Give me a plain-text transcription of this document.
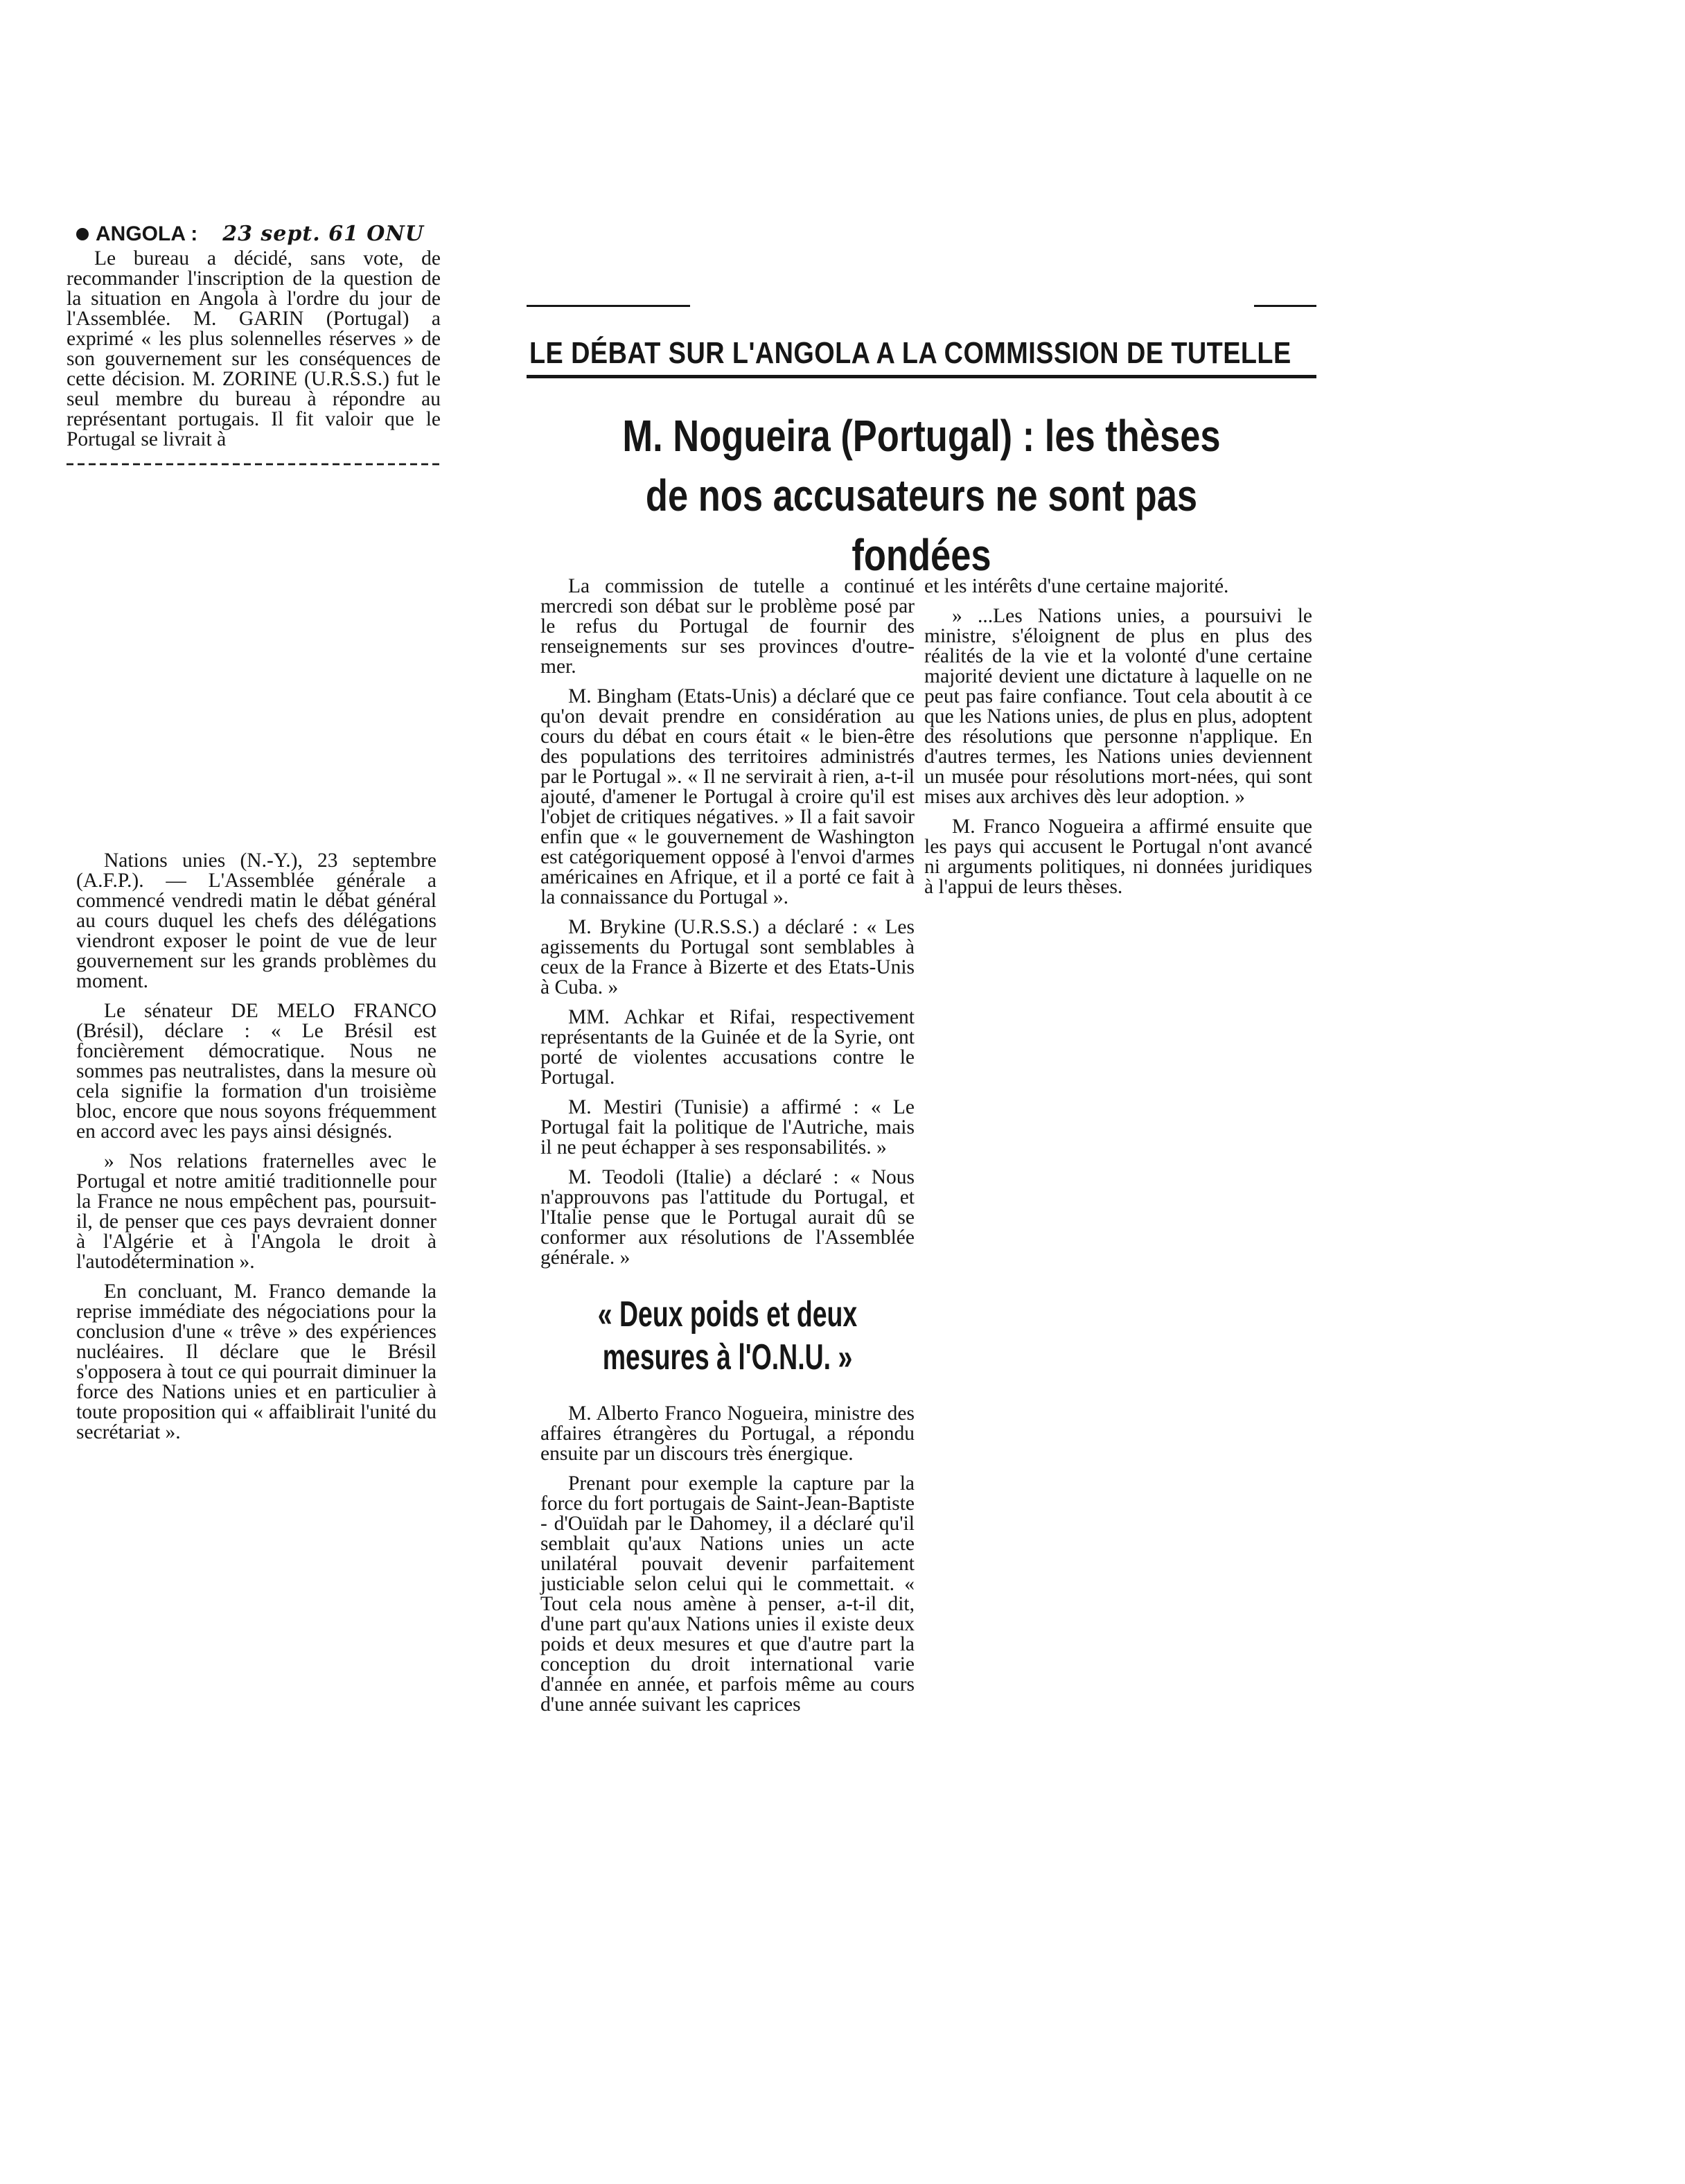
ANGOLA : 23 sept. 61 ONU

Le bureau a décidé, sans vote, de recommander l'inscription de la question de la situation en Angola à l'ordre du jour de l'Assemblée. M. GARIN (Portugal) a exprimé « les plus solennelles réserves » de son gouvernement sur les conséquences de cette décision. M. ZORINE (U.R.S.S.) fut le seul membre du bureau à répondre au représentant portugais. Il fit valoir que le Portugal se livrait à

Nations unies (N.-Y.), 23 septembre (A.F.P.). — L'Assemblée générale a commencé vendredi matin le débat général au cours duquel les chefs des délégations viendront exposer le point de vue de leur gouvernement sur les grands problèmes du moment.

Le sénateur DE MELO FRANCO (Brésil), déclare : « Le Brésil est foncièrement démocratique. Nous ne sommes pas neutralistes, dans la mesure où cela signifie la formation d'un troisième bloc, encore que nous soyons fréquemment en accord avec les pays ainsi désignés.

» Nos relations fraternelles avec le Portugal et notre amitié traditionnelle pour la France ne nous empêchent pas, poursuit-il, de penser que ces pays devraient donner à l'Algérie et à l'Angola le droit à l'autodétermination ».

En concluant, M. Franco demande la reprise immédiate des négociations pour la conclusion d'une « trêve » des expériences nucléaires. Il déclare que le Brésil s'opposera à tout ce qui pourrait diminuer la force des Nations unies et en particulier à toute proposition qui « affaiblirait l'unité du secrétariat ».

LE DÉBAT SUR L'ANGOLA A LA COMMISSION DE TUTELLE
M. Nogueira (Portugal) : les thèses
de nos accusateurs ne sont pas fondées

La commission de tutelle a continué mercredi son débat sur le problème posé par le refus du Portugal de fournir des renseignements sur ses provinces d'outre-mer.

M. Bingham (Etats-Unis) a déclaré que ce qu'on devait prendre en considération au cours du débat en cours était « le bien-être des populations des territoires administrés par le Portugal ». « Il ne servirait à rien, a-t-il ajouté, d'amener le Portugal à croire qu'il est l'objet de critiques négatives. » Il a fait savoir enfin que « le gouvernement de Washington est catégoriquement opposé à l'envoi d'armes américaines en Afrique, et il a porté ce fait à la connaissance du Portugal ».

M. Brykine (U.R.S.S.) a déclaré : « Les agissements du Portugal sont semblables à ceux de la France à Bizerte et des Etats-Unis à Cuba. »

MM. Achkar et Rifai, respectivement représentants de la Guinée et de la Syrie, ont porté de violentes accusations contre le Portugal.

M. Mestiri (Tunisie) a affirmé : « Le Portugal fait la politique de l'Autriche, mais il ne peut échapper à ses responsabilités. »

M. Teodoli (Italie) a déclaré : « Nous n'approuvons pas l'attitude du Portugal, et l'Italie pense que le Portugal aurait dû se conformer aux résolutions de l'Assemblée générale. »

« Deux poids et deux mesures à l'O.N.U. »

M. Alberto Franco Nogueira, ministre des affaires étrangères du Portugal, a répondu ensuite par un discours très énergique.

Prenant pour exemple la capture par la force du fort portugais de Saint-Jean-Baptiste - d'Ouïdah par le Dahomey, il a déclaré qu'il semblait qu'aux Nations unies un acte unilatéral pouvait devenir parfaitement justiciable selon celui qui le commettait. « Tout cela nous amène à penser, a-t-il dit, d'une part qu'aux Nations unies il existe deux poids et deux mesures et que d'autre part la conception du droit international varie d'année en année, et parfois même au cours d'une année suivant les caprices

et les intérêts d'une certaine majorité.

» ...Les Nations unies, a poursuivi le ministre, s'éloignent de plus en plus des réalités de la vie et la volonté d'une certaine majorité devient une dictature à laquelle on ne peut pas faire confiance. Tout cela aboutit à ce que les Nations unies, de plus en plus, adoptent des résolutions que personne n'applique. En d'autres termes, les Nations unies deviennent un musée pour résolutions mort-nées, qui sont mises aux archives dès leur adoption. »

M. Franco Nogueira a affirmé ensuite que les pays qui accusent le Portugal n'ont avancé ni arguments politiques, ni données juridiques à l'appui de leurs thèses.
